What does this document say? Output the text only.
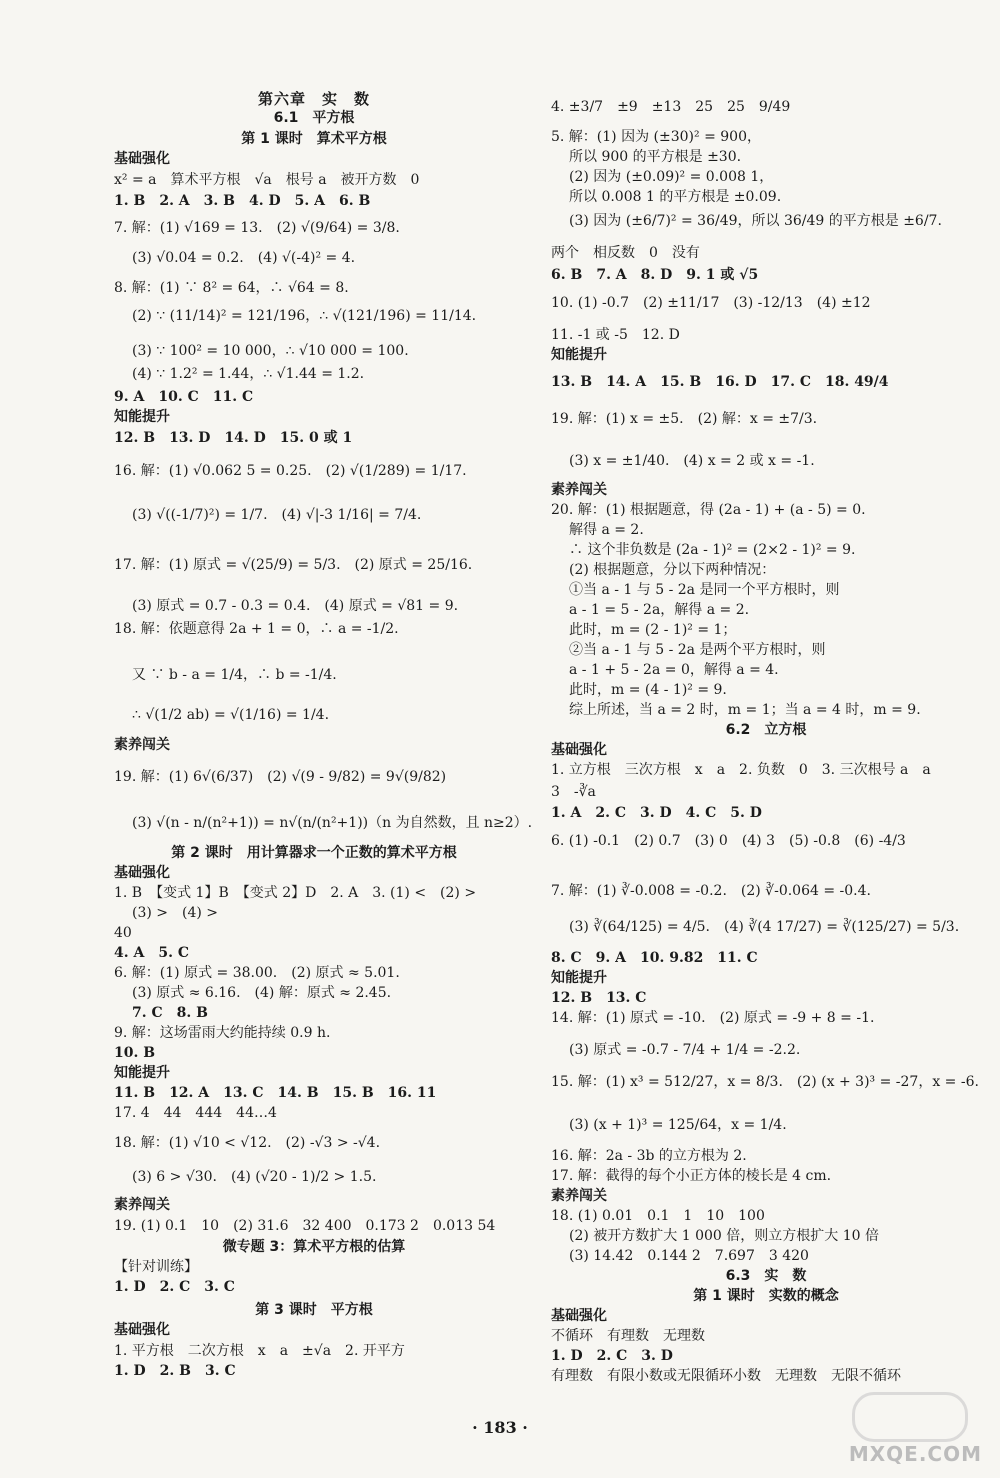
第六章　实　数
6.1　平方根
第 1 课时　算术平方根
基础强化
x² = a　算术平方根　√a　根号 a　被开方数　0
1. B　2. A　3. B　4. D　5. A　6. B
7. 解：(1) √169 = 13.　(2) √(9/64) = 3/8.
(3) √0.04 = 0.2.　(4) √(-4)² = 4.
8. 解：(1) ∵ 8² = 64，∴ √64 = 8.
(2) ∵ (11/14)² = 121/196，∴ √(121/196) = 11/14.
(3) ∵ 100² = 10 000，∴ √10 000 = 100.
(4) ∵ 1.2² = 1.44，∴ √1.44 = 1.2.
9. A　10. C　11. C
知能提升
12. B　13. D　14. D　15. 0 或 1
16. 解：(1) √0.062 5 = 0.25.　(2) √(1/289) = 1/17.
(3) √((-1/7)²) = 1/7.　(4) √|-3 1/16| = 7/4.
17. 解：(1) 原式 = √(25/9) = 5/3.　(2) 原式 = 25/16.
(3) 原式 = 0.7 - 0.3 = 0.4.　(4) 原式 = √81 = 9.
18. 解：依题意得 2a + 1 = 0，∴ a = -1/2.
又 ∵ b - a = 1/4，∴ b = -1/4.
∴ √(1/2 ab) = √(1/16) = 1/4.
素养闯关
19. 解：(1) 6√(6/37)　(2) √(9 - 9/82) = 9√(9/82)
(3) √(n - n/(n²+1)) = n√(n/(n²+1))（n 为自然数，且 n≥2）.
第 2 课时　用计算器求一个正数的算术平方根
基础强化
1. B　【变式 1】B　【变式 2】D　2. A　3. (1) <　(2) >
(3) >　(4) >
40
4. A　5. C
6. 解：(1) 原式 = 38.00.　(2) 原式 ≈ 5.01.
(3) 原式 ≈ 6.16.　(4) 解：原式 ≈ 2.45.
7. C　8. B
9. 解：这场雷雨大约能持续 0.9 h.
10. B
知能提升
11. B　12. A　13. C　14. B　15. B　16. 11
17. 4　44　444　44…4
18. 解：(1) √10 < √12.　(2) -√3 > -√4.
(3) 6 > √30.　(4) (√20 - 1)/2 > 1.5.
素养闯关
19. (1) 0.1　10　(2) 31.6　32 400　0.173 2　0.013 54
微专题 3：算术平方根的估算
【针对训练】
1. D　2. C　3. C
第 3 课时　平方根
基础强化
1. 平方根　二次方根　x　a　±√a　2. 开平方
1. D　2. B　3. C
4. ±3/7　±9　±13　25　25　9/49
5. 解：(1) 因为 (±30)² = 900，
所以 900 的平方根是 ±30.
(2) 因为 (±0.09)² = 0.008 1，
所以 0.008 1 的平方根是 ±0.09.
(3) 因为 (±6/7)² = 36/49，所以 36/49 的平方根是 ±6/7.
两个　相反数　0　没有
6. B　7. A　8. D　9. 1 或 √5
10. (1) -0.7　(2) ±11/17　(3) -12/13　(4) ±12
11. -1 或 -5　12. D
知能提升
13. B　14. A　15. B　16. D　17. C　18. 49/4
19. 解：(1) x = ±5.　(2) 解：x = ±7/3.
(3) x = ±1/40.　(4) x = 2 或 x = -1.
素养闯关
20. 解：(1) 根据题意，得 (2a - 1) + (a - 5) = 0.
解得 a = 2.
∴ 这个非负数是 (2a - 1)² = (2×2 - 1)² = 9.
(2) 根据题意，分以下两种情况：
①当 a - 1 与 5 - 2a 是同一个平方根时，则
a - 1 = 5 - 2a，解得 a = 2.
此时，m = (2 - 1)² = 1；
②当 a - 1 与 5 - 2a 是两个平方根时，则
a - 1 + 5 - 2a = 0，解得 a = 4.
此时，m = (4 - 1)² = 9.
综上所述，当 a = 2 时，m = 1；当 a = 4 时，m = 9.
6.2　立方根
基础强化
1. 立方根　三次方根　x　a　2. 负数　0　3. 三次根号 a　a
3　-∛a
1. A　2. C　3. D　4. C　5. D
6. (1) -0.1　(2) 0.7　(3) 0　(4) 3　(5) -0.8　(6) -4/3
7. 解：(1) ∛-0.008 = -0.2.　(2) ∛-0.064 = -0.4.
(3) ∛(64/125) = 4/5.　(4) ∛(4 17/27) = ∛(125/27) = 5/3.
8. C　9. A　10. 9.82　11. C
知能提升
12. B　13. C
14. 解：(1) 原式 = -10.　(2) 原式 = -9 + 8 = -1.
(3) 原式 = -0.7 - 7/4 + 1/4 = -2.2.
15. 解：(1) x³ = 512/27，x = 8/3.　(2) (x + 3)³ = -27，x = -6.
(3) (x + 1)³ = 125/64，x = 1/4.
16. 解：2a - 3b 的立方根为 2.
17. 解：截得的每个小正方体的棱长是 4 cm.
素养闯关
18. (1) 0.01　0.1　1　10　100
(2) 被开方数扩大 1 000 倍，则立方根扩大 10 倍
(3) 14.42　0.144 2　7.697　3 420
6.3　实　数
第 1 课时　实数的概念
基础强化
不循环　有理数　无理数
1. D　2. C　3. D
有理数　有限小数或无限循环小数　无理数　无限不循环
· 183 ·
MXQE.COM
